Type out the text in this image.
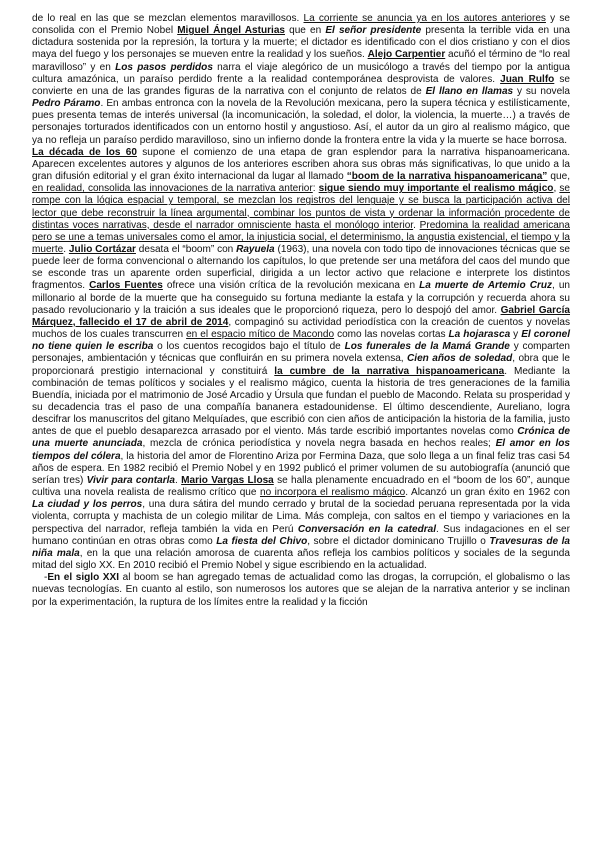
de lo real en las que se mezclan elementos maravillosos. La corriente se anuncia ya en los autores anteriores y se consolida con el Premio Nobel Miguel Ángel Asturias que en El señor presidente presenta la terrible vida en una dictadura sostenida por la represión, la tortura y la muerte; el dictador es identificado con el dios cristiano y con el dios maya del fuego y los personajes se mueven entre la realidad y los sueños. Alejo Carpentier acuñó el término de “lo real maravilloso” y en Los pasos perdidos narra el viaje alegórico de un musicólogo a través del tiempo por la antigua cultura amazónica, un paraíso perdido frente a la realidad contemporánea desprovista de valores. Juan Rulfo se convierte en una de las grandes figuras de la narrativa con el conjunto de relatos de El llano en llamas y su novela Pedro Páramo. En ambas entronca con la novela de la Revolución mexicana, pero la supera técnica y estilísticamente, pues presenta temas de interés universal (la incomunicación, la soledad, el dolor, la violencia, la muerte…) a través de personajes torturados identificados con un entorno hostil y angustioso. Así, el autor da un giro al realismo mágico, que ya no refleja un paraíso perdido maravilloso, sino un infierno donde la frontera entre la vida y la muerte se hace borrosa.

La década de los 60 supone el comienzo de una etapa de gran esplendor para la narrativa hispanoamericana. Aparecen excelentes autores y algunos de los anteriores escriben ahora sus obras más significativas, lo que unido a la gran difusión editorial y el gran éxito internacional da lugar al llamado “boom de la narrativa hispanoamericana” que, en realidad, consolida las innovaciones de la narrativa anterior: sigue siendo muy importante el realismo mágico, se rompe con la lógica espacial y temporal, se mezclan los registros del lenguaje y se busca la participación activa del lector que debe reconstruir la línea argumental, combinar los puntos de vista y ordenar la información procedente de distintas voces narrativas, desde el narrador omnisciente hasta el monólogo interior. Predomina la realidad americana pero se une a temas universales como el amor, la injusticia social, el determinismo, la angustia existencial, el tiempo y la muerte. Julio Cortázar desata el “boom” con Rayuela (1963), una novela con todo tipo de innovaciones técnicas que se puede leer de forma convencional o alternando los capítulos, lo que pretende ser una metáfora del caos del mundo que se esconde tras un aparente orden superficial, dirigida a un lector activo que relacione e interprete los distintos fragmentos. Carlos Fuentes ofrece una visión crítica de la revolución mexicana en La muerte de Artemio Cruz, un millonario al borde de la muerte que ha conseguido su fortuna mediante la estafa y la corrupción y recuerda ahora su pasado revolucionario y la traición a sus ideales que le proporcionó riqueza, pero lo despojó del amor. Gabriel García Márquez, fallecido el 17 de abril de 2014, compaginó su actividad periodística con la creación de cuentos y novelas muchos de los cuales transcurren en el espacio mítico de Macondo como las novelas cortas La hojarasca y El coronel no tiene quien le escriba o los cuentos recogidos bajo el título de Los funerales de la Mamá Grande y comparten personajes, ambientación y técnicas que confluirán en su primera novela extensa, Cien años de soledad, obra que le proporcionará prestigio internacional y constituirá la cumbre de la narrativa hispanoamericana. Mediante la combinación de temas políticos y sociales y el realismo mágico, cuenta la historia de tres generaciones de la familia Buendía, iniciada por el matrimonio de José Arcadio y Úrsula que fundan el pueblo de Macondo. Relata su prosperidad y su decadencia tras el paso de una compañía bananera estadounidense. El último descendiente, Aureliano, logra descifrar los manuscritos del gitano Melquíades, que escribió con cien años de anticipación la historia de la familia, justo antes de que el pueblo desaparezca arrasado por el viento. Más tarde escribió importantes novelas como Crónica de una muerte anunciada, mezcla de crónica periodística y novela negra basada en hechos reales; El amor en los tiempos del cólera, la historia del amor de Florentino Ariza por Fermina Daza, que solo llega a un final feliz tras casi 54 años de espera. En 1982 recibió el Premio Nobel y en 1992 publicó el primer volumen de su autobiografía (anunció que serían tres) Vivir para contarla. Mario Vargas Llosa se halla plenamente encuadrado en el “boom de los 60”, aunque cultiva una novela realista de realismo crítico que no incorpora el realismo mágico. Alcanzó un gran éxito en 1962 con La ciudad y los perros, una dura sátira del mundo cerrado y brutal de la sociedad peruana representada por la vida violenta, corrupta y machista de un colegio militar de Lima. Más compleja, con saltos en el tiempo y variaciones en la perspectiva del narrador, refleja también la vida en Perú Conversación en la catedral. Sus indagaciones en el ser humano continúan en otras obras como La fiesta del Chivo, sobre el dictador dominicano Trujillo o Travesuras de la niña mala, en la que una relación amorosa de cuarenta años refleja los cambios políticos y sociales de la segunda mitad del siglo XX. En 2010 recibió el Premio Nobel y sigue escribiendo en la actualidad.

-En el siglo XXI al boom se han agregado temas de actualidad como las drogas, la corrupción, el globalismo o las nuevas tecnologías. En cuanto al estilo, son numerosos los autores que se alejan de la narrativa anterior y se inclinan por la experimentación, la ruptura de los límites entre la realidad y la ficción
